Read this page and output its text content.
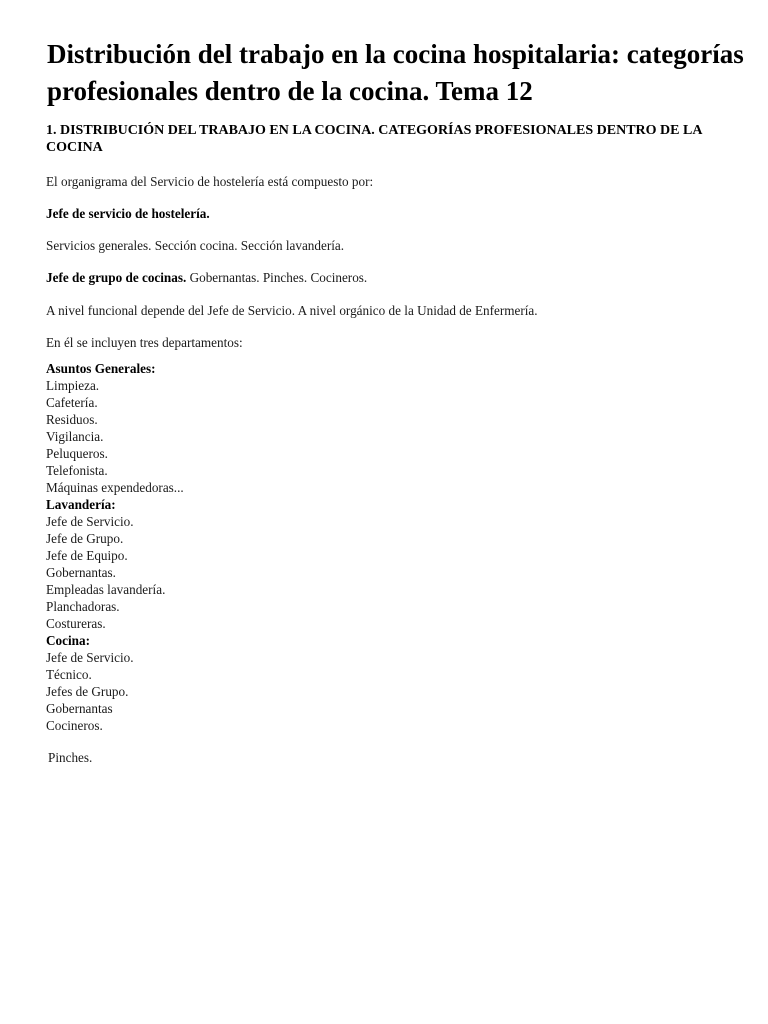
Distribución del trabajo en la cocina hospitalaria: categorías profesionales dentro de la cocina. Tema 12
1. DISTRIBUCIÓN DEL TRABAJO EN LA COCINA. CATEGORÍAS PROFESIONALES DENTRO DE LA COCINA

El organigrama del Servicio de hostelería está compuesto por:

Jefe de servicio de hostelería.

Servicios generales. Sección cocina. Sección lavandería.

Jefe de grupo de cocinas. Gobernantas. Pinches. Cocineros.

A nivel funcional depende del Jefe de Servicio. A nivel orgánico de la Unidad de Enfermería.

En él se incluyen tres departamentos:

Asuntos Generales:
Limpieza.
Cafetería.
Residuos.
Vigilancia.
Peluqueros.
Telefonista.
Máquinas expendedoras...
Lavandería:
Jefe de Servicio.
Jefe de Grupo.
Jefe de Equipo.
Gobernantas.
Empleadas lavandería.
Planchadoras.
Costureras.
Cocina:
Jefe de Servicio.
Técnico.
Jefes de Grupo.
Gobernantas
Cocineros.

Pinches.
